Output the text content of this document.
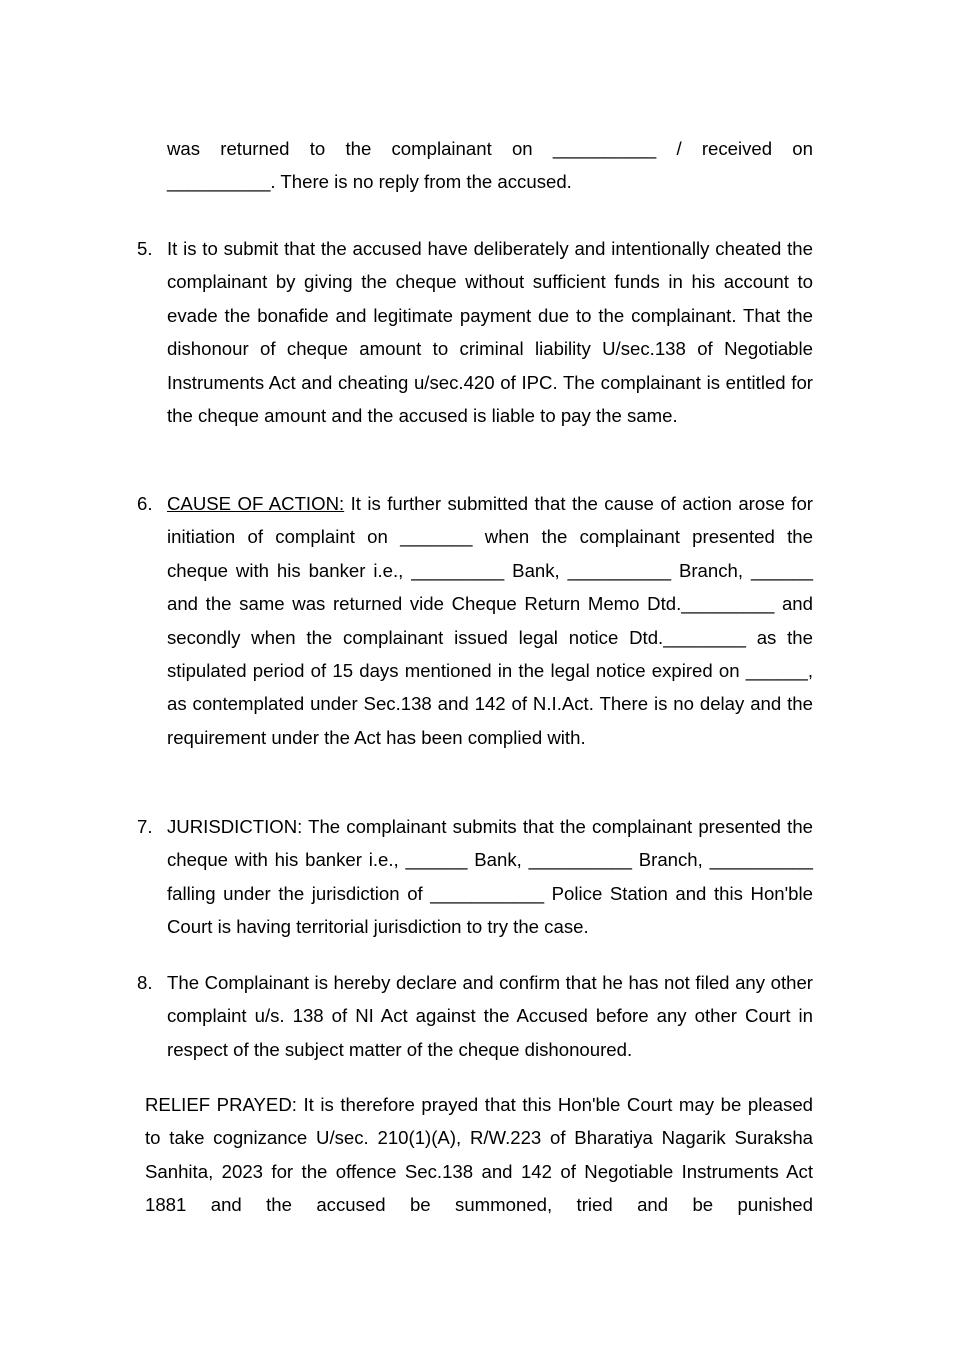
was returned to the complainant on __________ / received on
__________. There is no reply from the accused.
5. It is to submit that the accused have deliberately and intentionally cheated the complainant by giving the cheque without sufficient funds in his account to evade the bonafide and legitimate payment due to the complainant. That the dishonour of cheque amount to criminal liability U/sec.138 of Negotiable Instruments Act and cheating u/sec.420 of IPC. The complainant is entitled for the cheque amount and the accused is liable to pay the same.
6. CAUSE OF ACTION: It is further submitted that the cause of action arose for initiation of complaint on _______ when the complainant presented the cheque with his banker i.e., _________ Bank, __________ Branch, ______ and the same was returned vide Cheque Return Memo Dtd._________ and secondly when the complainant issued legal notice Dtd.________ as the stipulated period of 15 days mentioned in the legal notice expired on ______, as contemplated under Sec.138 and 142 of N.I.Act. There is no delay and the requirement under the Act has been complied with.
7. JURISDICTION: The complainant submits that the complainant presented the cheque with his banker i.e., ______ Bank, __________ Branch, __________ falling under the jurisdiction of ___________ Police Station and this Hon'ble Court is having territorial jurisdiction to try the case.
8. The Complainant is hereby declare and confirm that he has not filed any other complaint u/s. 138 of NI Act against the Accused before any other Court in respect of the subject matter of the cheque dishonoured.
RELIEF PRAYED: It is therefore prayed that this Hon'ble Court may be pleased to take cognizance U/sec. 210(1)(A), R/W.223 of Bharatiya Nagarik Suraksha Sanhita, 2023 for the offence Sec.138 and 142 of Negotiable Instruments Act 1881 and the accused be summoned, tried and be punished
